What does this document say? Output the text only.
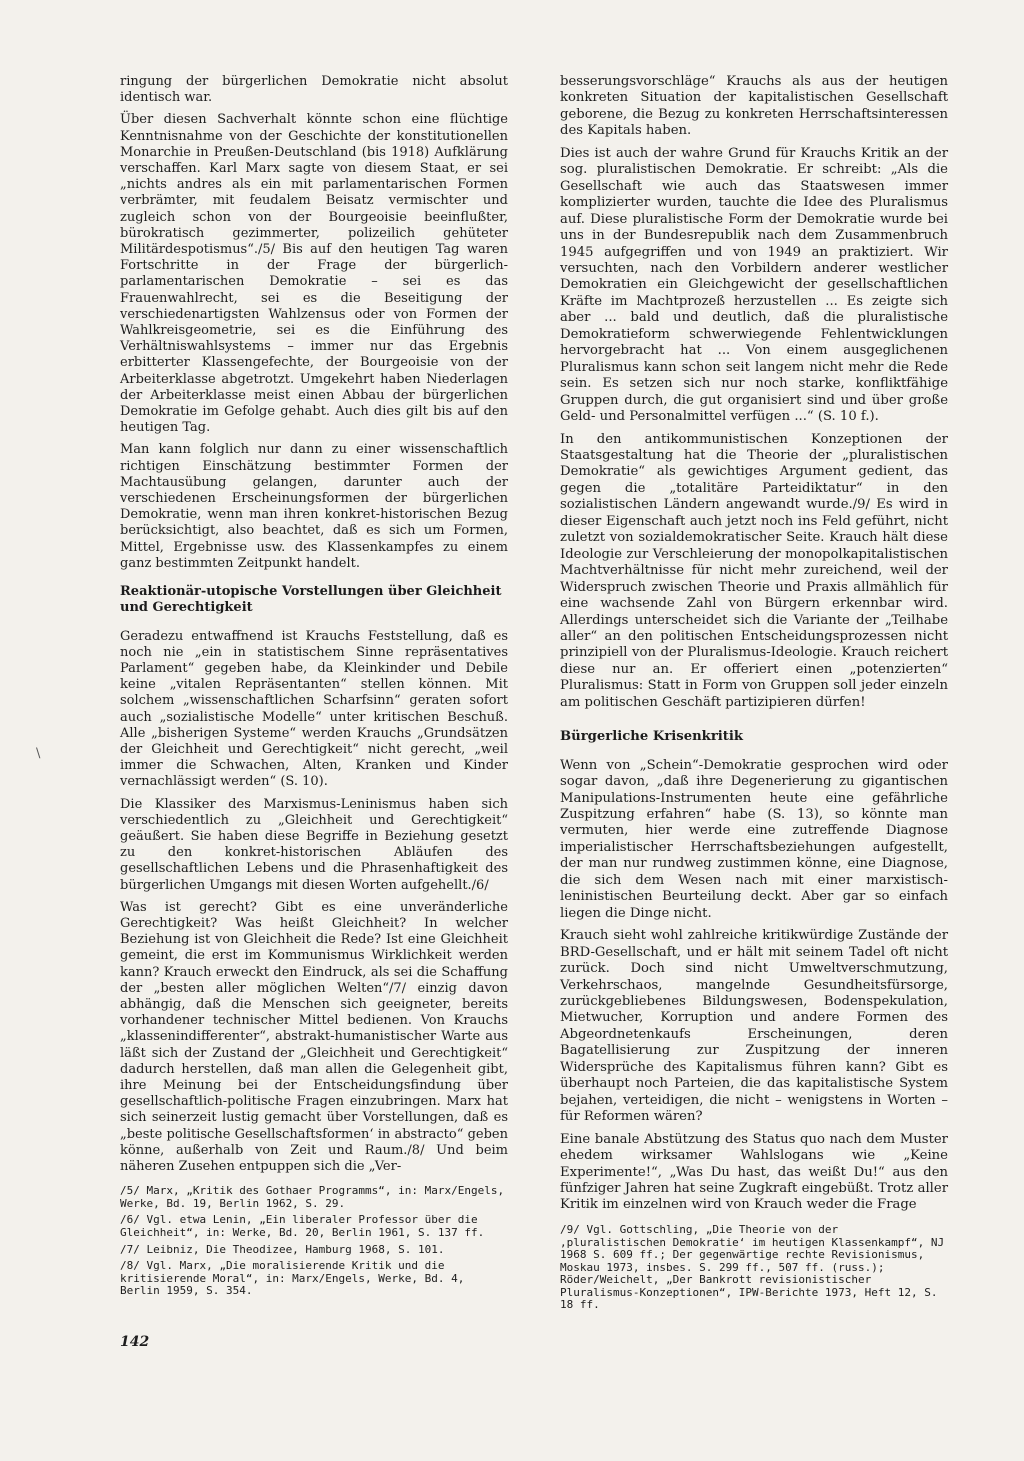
ringung der bürgerlichen Demokratie nicht absolut identisch war.

Über diesen Sachverhalt könnte schon eine flüchtige Kenntnisnahme von der Geschichte der konstitutionellen Monarchie in Preußen-Deutschland (bis 1918) Aufklärung verschaffen. Karl Marx sagte von diesem Staat, er sei „nichts andres als ein mit parlamentarischen Formen verbrämter, mit feudalem Beisatz vermischter und zugleich schon von der Bourgeoisie beeinflußter, bürokratisch gezimmerter, polizeilich gehüteter Militärdespotismus“./5/ Bis auf den heutigen Tag waren Fortschritte in der Frage der bürgerlich-parlamentarischen Demokratie – sei es das Frauenwahlrecht, sei es die Beseitigung der verschiedenartigsten Wahlzensus oder von Formen der Wahlkreisgeometrie, sei es die Einführung des Verhältniswahlsystems – immer nur das Ergebnis erbitterter Klassengefechte, der Bourgeoisie von der Arbeiterklasse abgetrotzt. Umgekehrt haben Niederlagen der Arbeiterklasse meist einen Abbau der bürgerlichen Demokratie im Gefolge gehabt. Auch dies gilt bis auf den heutigen Tag.

Man kann folglich nur dann zu einer wissenschaftlich richtigen Einschätzung bestimmter Formen der Machtausübung gelangen, darunter auch der verschiedenen Erscheinungsformen der bürgerlichen Demokratie, wenn man ihren konkret-historischen Bezug berücksichtigt, also beachtet, daß es sich um Formen, Mittel, Ergebnisse usw. des Klassenkampfes zu einem ganz bestimmten Zeitpunkt handelt.

Reaktionär-utopische Vorstellungen über Gleichheit und Gerechtigkeit

Geradezu entwaffnend ist Krauchs Feststellung, daß es noch nie „ein in statistischem Sinne repräsentatives Parlament“ gegeben habe, da Kleinkinder und Debile keine „vitalen Repräsentanten“ stellen können. Mit solchem „wissenschaftlichen Scharfsinn“ geraten sofort auch „sozialistische Modelle“ unter kritischen Beschuß. Alle „bisherigen Systeme“ werden Krauchs „Grundsätzen der Gleichheit und Gerechtigkeit“ nicht gerecht, „weil immer die Schwachen, Alten, Kranken und Kinder vernachlässigt werden“ (S. 10).

Die Klassiker des Marxismus-Leninismus haben sich verschiedentlich zu „Gleichheit und Gerechtigkeit“ geäußert. Sie haben diese Begriffe in Beziehung gesetzt zu den konkret-historischen Abläufen des gesellschaftlichen Lebens und die Phrasenhaftigkeit des bürgerlichen Umgangs mit diesen Worten aufgehellt./6/

Was ist gerecht? Gibt es eine unveränderliche Gerechtigkeit? Was heißt Gleichheit? In welcher Beziehung ist von Gleichheit die Rede? Ist eine Gleichheit gemeint, die erst im Kommunismus Wirklichkeit werden kann? Krauch erweckt den Eindruck, als sei die Schaffung der „besten aller möglichen Welten“/7/ einzig davon abhängig, daß die Menschen sich geeigneter, bereits vorhandener technischer Mittel bedienen. Von Krauchs „klassenindifferenter“, abstrakt-humanistischer Warte aus läßt sich der Zustand der „Gleichheit und Gerechtigkeit“ dadurch herstellen, daß man allen die Gelegenheit gibt, ihre Meinung bei der Entscheidungsfindung über gesellschaftlich-politische Fragen einzubringen. Marx hat sich seinerzeit lustig gemacht über Vorstellungen, daß es „beste politische Gesellschaftsformen‘ in abstracto“ geben könne, außerhalb von Zeit und Raum./8/ Und beim näheren Zusehen entpuppen sich die „Ver-

/5/ Marx, „Kritik des Gothaer Programms“, in: Marx/Engels, Werke, Bd. 19, Berlin 1962, S. 29.

/6/ Vgl. etwa Lenin, „Ein liberaler Professor über die Gleichheit“, in: Werke, Bd. 20, Berlin 1961, S. 137 ff.

/7/ Leibniz, Die Theodizee, Hamburg 1968, S. 101.

/8/ Vgl. Marx, „Die moralisierende Kritik und die kritisierende Moral“, in: Marx/Engels, Werke, Bd. 4, Berlin 1959, S. 354.

besserungsvorschläge“ Krauchs als aus der heutigen konkreten Situation der kapitalistischen Gesellschaft geborene, die Bezug zu konkreten Herrschaftsinteressen des Kapitals haben.

Dies ist auch der wahre Grund für Krauchs Kritik an der sog. pluralistischen Demokratie. Er schreibt: „Als die Gesellschaft wie auch das Staatswesen immer komplizierter wurden, tauchte die Idee des Pluralismus auf. Diese pluralistische Form der Demokratie wurde bei uns in der Bundesrepublik nach dem Zusammenbruch 1945 aufgegriffen und von 1949 an praktiziert. Wir versuchten, nach den Vorbildern anderer westlicher Demokratien ein Gleichgewicht der gesellschaftlichen Kräfte im Machtprozeß herzustellen ... Es zeigte sich aber ... bald und deutlich, daß die pluralistische Demokratieform schwerwiegende Fehlentwicklungen hervorgebracht hat ... Von einem ausgeglichenen Pluralismus kann schon seit langem nicht mehr die Rede sein. Es setzen sich nur noch starke, konfliktfähige Gruppen durch, die gut organisiert sind und über große Geld- und Personalmittel verfügen ...“ (S. 10 f.).

In den antikommunistischen Konzeptionen der Staatsgestaltung hat die Theorie der „pluralistischen Demokratie“ als gewichtiges Argument gedient, das gegen die „totalitäre Parteidiktatur“ in den sozialistischen Ländern angewandt wurde./9/ Es wird in dieser Eigenschaft auch jetzt noch ins Feld geführt, nicht zuletzt von sozialdemokratischer Seite. Krauch hält diese Ideologie zur Verschleierung der monopolkapitalistischen Machtverhältnisse für nicht mehr zureichend, weil der Widerspruch zwischen Theorie und Praxis allmählich für eine wachsende Zahl von Bürgern erkennbar wird. Allerdings unterscheidet sich die Variante der „Teilhabe aller“ an den politischen Entscheidungsprozessen nicht prinzipiell von der Pluralismus-Ideologie. Krauch reichert diese nur an. Er offeriert einen „potenzierten“ Pluralismus: Statt in Form von Gruppen soll jeder einzeln am politischen Geschäft partizipieren dürfen!

Bürgerliche Krisenkritik

Wenn von „Schein“-Demokratie gesprochen wird oder sogar davon, „daß ihre Degenerierung zu gigantischen Manipulations-Instrumenten heute eine gefährliche Zuspitzung erfahren“ habe (S. 13), so könnte man vermuten, hier werde eine zutreffende Diagnose imperialistischer Herrschaftsbeziehungen aufgestellt, der man nur rundweg zustimmen könne, eine Diagnose, die sich dem Wesen nach mit einer marxistisch-leninistischen Beurteilung deckt. Aber gar so einfach liegen die Dinge nicht.

Krauch sieht wohl zahlreiche kritikwürdige Zustände der BRD-Gesellschaft, und er hält mit seinem Tadel oft nicht zurück. Doch sind nicht Umweltverschmutzung, Verkehrschaos, mangelnde Gesundheitsfürsorge, zurückgebliebenes Bildungswesen, Bodenspekulation, Mietwucher, Korruption und andere Formen des Abgeordnetenkaufs Erscheinungen, deren Bagatellisierung zur Zuspitzung der inneren Widersprüche des Kapitalismus führen kann? Gibt es überhaupt noch Parteien, die das kapitalistische System bejahen, verteidigen, die nicht – wenigstens in Worten – für Reformen wären?

Eine banale Abstützung des Status quo nach dem Muster ehedem wirksamer Wahlslogans wie „Keine Experimente!“, „Was Du hast, das weißt Du!“ aus den fünfziger Jahren hat seine Zugkraft eingebüßt. Trotz aller Kritik im einzelnen wird von Krauch weder die Frage

/9/ Vgl. Gottschling, „Die Theorie von der ‚pluralistischen Demokratie‘ im heutigen Klassenkampf“, NJ 1968 S. 609 ff.; Der gegenwärtige rechte Revisionismus, Moskau 1973, insbes. S. 299 ff., 507 ff. (russ.); Röder/Weichelt, „Der Bankrott revisionistischer Pluralismus-Konzeptionen“, IPW-Berichte 1973, Heft 12, S. 18 ff.

142
\
